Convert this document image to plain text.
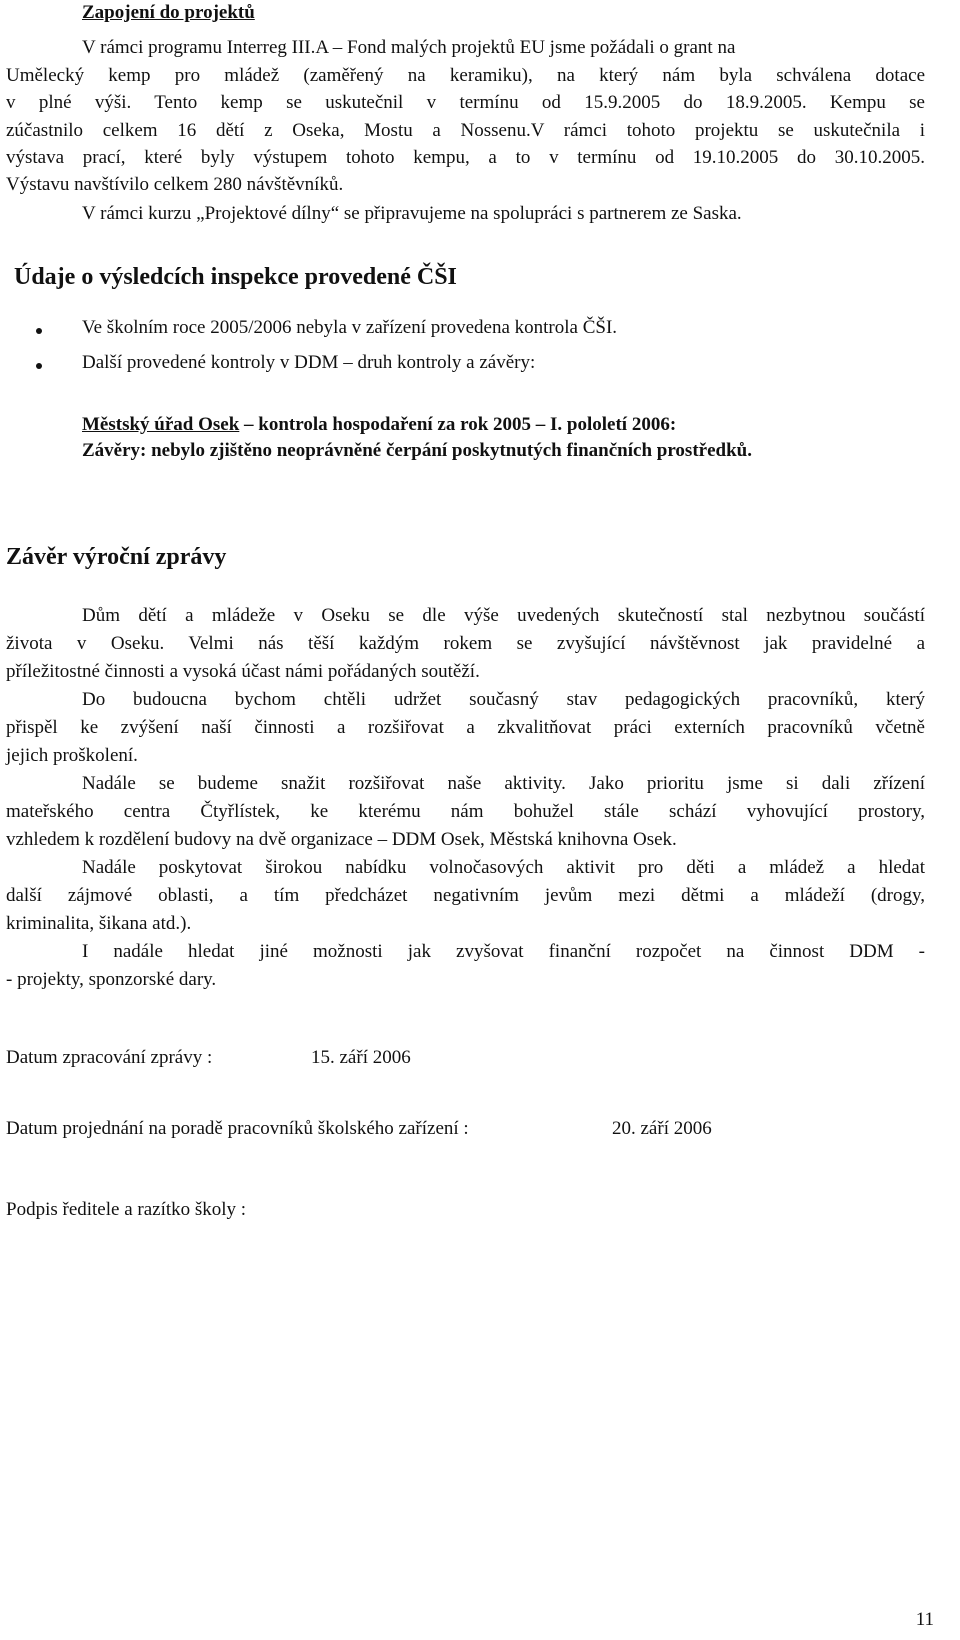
Zapojení do projektů

V rámci programu Interreg III.A – Fond malých projektů EU jsme požádali o grant na

Umělecký kemp pro mládež (zaměřený na keramiku), na který nám byla schválena dotace

v plné výši. Tento kemp se uskutečnil v termínu od 15.9.2005 do 18.9.2005. Kempu se

zúčastnilo celkem 16 dětí z Oseka, Mostu a Nossenu.V rámci tohoto projektu se uskutečnila i

výstava prací, které byly výstupem tohoto kempu, a to v termínu od 19.10.2005 do 30.10.2005.

Výstavu navštívilo celkem 280 návštěvníků.

V rámci kurzu „Projektové dílny“ se připravujeme na spolupráci s partnerem ze Saska.

Údaje o výsledcích inspekce provedené ČŠI

Ve školním roce 2005/2006 nebyla v zařízení provedena kontrola ČŠI.

Další provedené kontroly v DDM – druh kontroly a závěry:

Městský úřad Osek – kontrola hospodaření za rok 2005 – I. pololetí 2006:

Závěry: nebylo zjištěno neoprávněné čerpání poskytnutých finančních prostředků.

Závěr výroční zprávy

Dům dětí a mládeže v Oseku se dle výše uvedených skutečností stal nezbytnou součástí

života v Oseku. Velmi nás těší každým rokem se zvyšující návštěvnost jak pravidelné a

příležitostné činnosti a vysoká účast námi pořádaných soutěží.

Do budoucna bychom chtěli udržet současný stav pedagogických pracovníků, který

přispěl ke zvýšení naší činnosti a rozšiřovat a zkvalitňovat práci externích pracovníků včetně

jejich proškolení.

Nadále se budeme snažit rozšiřovat naše aktivity. Jako prioritu jsme si dali zřízení

mateřského centra Čtyřlístek, ke kterému nám bohužel stále schází vyhovující prostory,

vzhledem k rozdělení budovy na dvě organizace – DDM Osek, Městská knihovna Osek.

Nadále poskytovat širokou nabídku volnočasových aktivit pro děti a mládež a hledat

další zájmové oblasti, a tím předcházet negativním jevům mezi dětmi a mládeží (drogy,

kriminalita, šikana atd.).

I nadále hledat jiné možnosti jak zvyšovat finanční rozpočet na činnost DDM -

- projekty, sponzorské dary.

Datum zpracování zprávy :	15. září 2006

Datum projednání na poradě pracovníků školského zařízení :	20. září 2006

Podpis ředitele a razítko školy :

11
